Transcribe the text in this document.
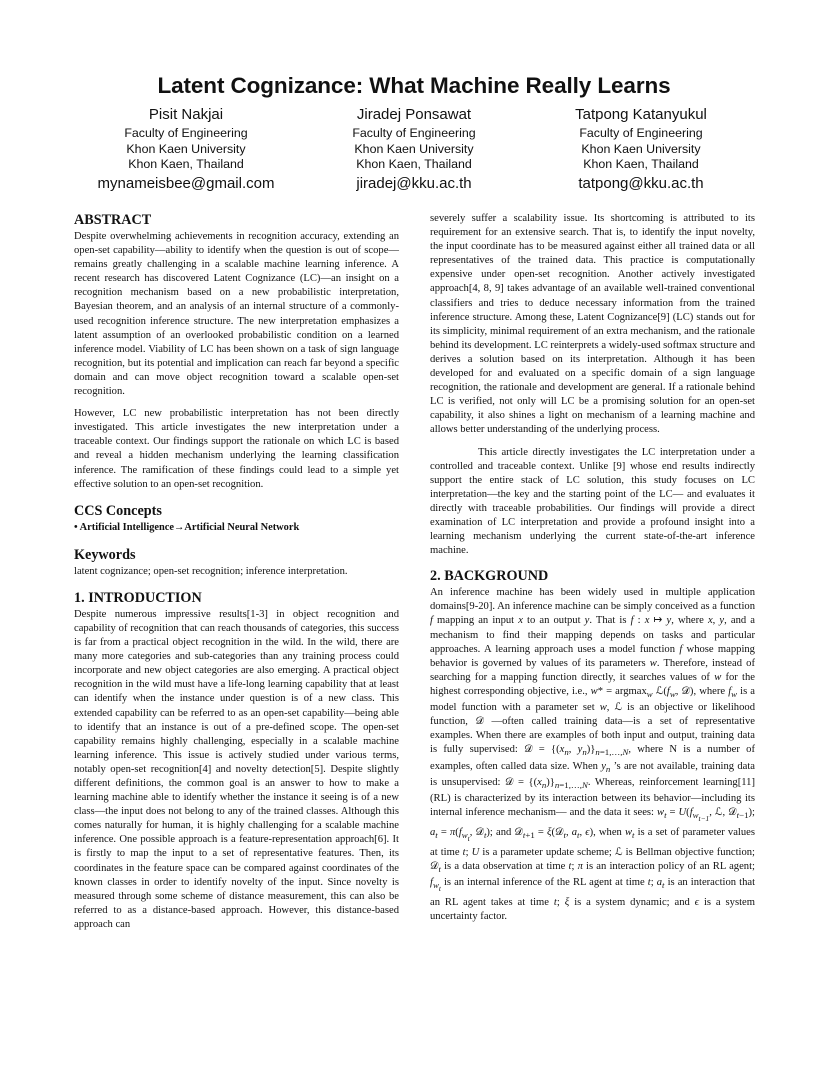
Latent Cognizance: What Machine Really Learns
Pisit Nakjai
Faculty of Engineering
Khon Kaen University
Khon Kaen, Thailand
mynameisbee@gmail.com
Jiradej Ponsawat
Faculty of Engineering
Khon Kaen University
Khon Kaen, Thailand
jiradej@kku.ac.th
Tatpong Katanyukul
Faculty of Engineering
Khon Kaen University
Khon Kaen, Thailand
tatpong@kku.ac.th
ABSTRACT

Despite overwhelming achievements in recognition accuracy, extending an open-set capability—ability to identify when the question is out of scope— remains greatly challenging in a scalable machine learning inference. A recent research has discovered Latent Cognizance (LC)—an insight on a recognition mechanism based on a new probabilistic interpretation, Bayesian theorem, and an analysis of an internal structure of a commonly-used recognition inference structure. The new interpretation emphasizes a latent assumption of an overlooked probabilistic condition on a learned inference model. Viability of LC has been shown on a task of sign language recognition, but its potential and implication can reach far beyond a specific domain and can move object recognition toward a scalable open-set recognition.

However, LC new probabilistic interpretation has not been directly investigated. This article investigates the new interpretation under a traceable context. Our findings support the rationale on which LC is based and reveal a hidden mechanism underlying the learning classification inference. The ramification of these findings could lead to a simple yet effective solution to an open-set recognition.

CCS Concepts

• Artificial Intelligence→Artificial Neural Network

Keywords

latent cognizance; open-set recognition; inference interpretation.

1. INTRODUCTION

Despite numerous impressive results[1-3] in object recognition and capability of recognition that can reach thousands of categories, this success is far from a practical object recognition in the wild. In the wild, there are many more categories and sub-categories than any training process could incorporate and new object categories are also emerging. A practical object recognition in the wild must have a life-long learning capability that at least can identify when the instance under question is of a new class. This extended capability can be referred to as an open-set capability—being able to identify that an instance is out of a pre-defined scope. The open-set capability remains highly challenging, especially in a scalable machine learning inference. This issue is actively studied under various terms, notably open-set recognition[4] and novelty detection[5]. Despite slightly different definitions, the common goal is an answer to how to make a learning machine able to identify whether the instance it seeing is of a new class—the input does not belong to any of the trained classes. Although this comes naturally for human, it is highly challenging for a scalable machine inference. One possible approach is a feature-representation approach[6]. It is firstly to map the input to a set of representative features. Then, its coordinates in the feature space can be compared against coordinates of the known classes in order to identify novelty of the input. Since novelty is measured through some scheme of distance measurement, this can also be referred to as a distance-based approach. However, this distance-based approach can

severely suffer a scalability issue. Its shortcoming is attributed to its requirement for an extensive search. That is, to identify the input novelty, the input coordinate has to be measured against either all trained data or all representatives of the trained data. This practice is computationally expensive under open-set recognition. Another actively investigated approach[4, 8, 9] takes advantage of an available well-trained conventional classifiers and tries to deduce necessary information from the trained inference structure. Among these, Latent Cognizance[9] (LC) stands out for its simplicity, minimal requirement of an extra mechanism, and the rationale behind its development. LC reinterprets a widely-used softmax structure and derives a solution based on its interpretation. Although it has been developed for and evaluated on a specific domain of a sign language recognition, the rationale and development are general. If a rationale behind LC is verified, not only will LC be a promising solution for an open-set capability, it also shines a light on mechanism of a learning machine and allows better understanding of the underlying process.

This article directly investigates the LC interpretation under a controlled and traceable context. Unlike [9] whose end results indirectly support the entire stack of LC solution, this study focuses on LC interpretation—the key and the starting point of the LC— and evaluates it directly with traceable probabilities. Our findings will provide a direct examination of LC interpretation and provide a profound insight into a learning mechanism underlying the current state-of-the-art inference machine.

2. BACKGROUND

An inference machine has been widely used in multiple application domains[9-20]. An inference machine can be simply conceived as a function f mapping an input x to an output y. That is f : x ↦ y, where x, y, and a mechanism to find their mapping depends on tasks and particular approaches. A learning approach uses a model function f whose mapping behavior is governed by values of its parameters w. Therefore, instead of searching for a mapping function directly, it searches values of w for the highest corresponding objective, i.e., w* = argmax$_w$ $ℒ(f_w$, 𝒟), where $f_w$ is a model function with a parameter set w, ℒ is an objective or likelihood function, 𝒟 —often called training data—is a set of representative examples. When there are examples of both input and output, training data is fully supervised: 𝒟 = {($x_n$, $y_n)\}_{n=1,\dots,N}$, where N is a number of examples, often called data size. When $y_n$ ’s are not available, training data is unsupervised: 𝒟 = $\{(x_n)\}_{n=1,\dots,N}$. Whereas, reinforcement learning[11] (RL) is characterized by its interaction between its behavior—including its internal inference mechanism— and the data it sees: $w_t = U(f_{w_{t-1}}$, ℒ, 𝒟$_{t-1}$); $a_t = \pi(f_{w_t}$, 𝒟$_t$); and 𝒟$_{t+1}$ = ξ(𝒟$_t$, $a_t$, ϵ), when $w_t$ is a set of parameter values at time t; U is a parameter update scheme; ℒ is Bellman objective function; 𝒟$_t$ is a data observation at time t; π is an interaction policy of an RL agent; $f_{w_t}$ is an internal inference of the RL agent at time t; $a_t$ is an interaction that an RL agent takes at time t; ξ is a system dynamic; and ϵ is a system uncertainty factor.
